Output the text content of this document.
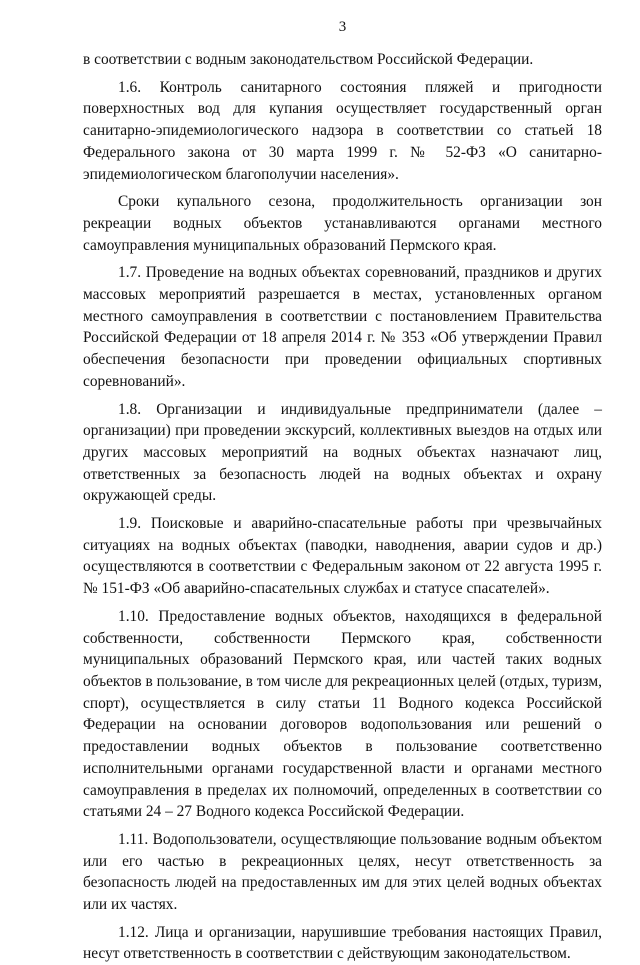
3

в соответствии с водным законодательством Российской Федерации.

1.6. Контроль санитарного состояния пляжей и пригодности поверхностных вод для купания осуществляет государственный орган санитарно-эпидемиологического надзора в соответствии со статьей 18 Федерального закона от 30 марта 1999 г. № 52-ФЗ «О санитарно-эпидемиологическом благополучии населения».

Сроки купального сезона, продолжительность организации зон рекреации водных объектов устанавливаются органами местного самоуправления муниципальных образований Пермского края.

1.7. Проведение на водных объектах соревнований, праздников и других массовых мероприятий разрешается в местах, установленных органом местного самоуправления в соответствии с постановлением Правительства Российской Федерации от 18 апреля 2014 г. № 353 «Об утверждении Правил обеспечения безопасности при проведении официальных спортивных соревнований».

1.8. Организации и индивидуальные предприниматели (далее – организации) при проведении экскурсий, коллективных выездов на отдых или других массовых мероприятий на водных объектах назначают лиц, ответственных за безопасность людей на водных объектах и охрану окружающей среды.

1.9. Поисковые и аварийно-спасательные работы при чрезвычайных ситуациях на водных объектах (паводки, наводнения, аварии судов и др.) осуществляются в соответствии с Федеральным законом от 22 августа 1995 г. № 151-ФЗ «Об аварийно-спасательных службах и статусе спасателей».

1.10. Предоставление водных объектов, находящихся в федеральной собственности, собственности Пермского края, собственности муниципальных образований Пермского края, или частей таких водных объектов в пользование, в том числе для рекреационных целей (отдых, туризм, спорт), осуществляется в силу статьи 11 Водного кодекса Российской Федерации на основании договоров водопользования или решений о предоставлении водных объектов в пользование соответственно исполнительными органами государственной власти и органами местного самоуправления в пределах их полномочий, определенных в соответствии со статьями 24 – 27 Водного кодекса Российской Федерации.

1.11. Водопользователи, осуществляющие пользование водным объектом или его частью в рекреационных целях, несут ответственность за безопасность людей на предоставленных им для этих целей водных объектах или их частях.

1.12. Лица и организации, нарушившие требования настоящих Правил, несут ответственность в соответствии с действующим законодательством.
